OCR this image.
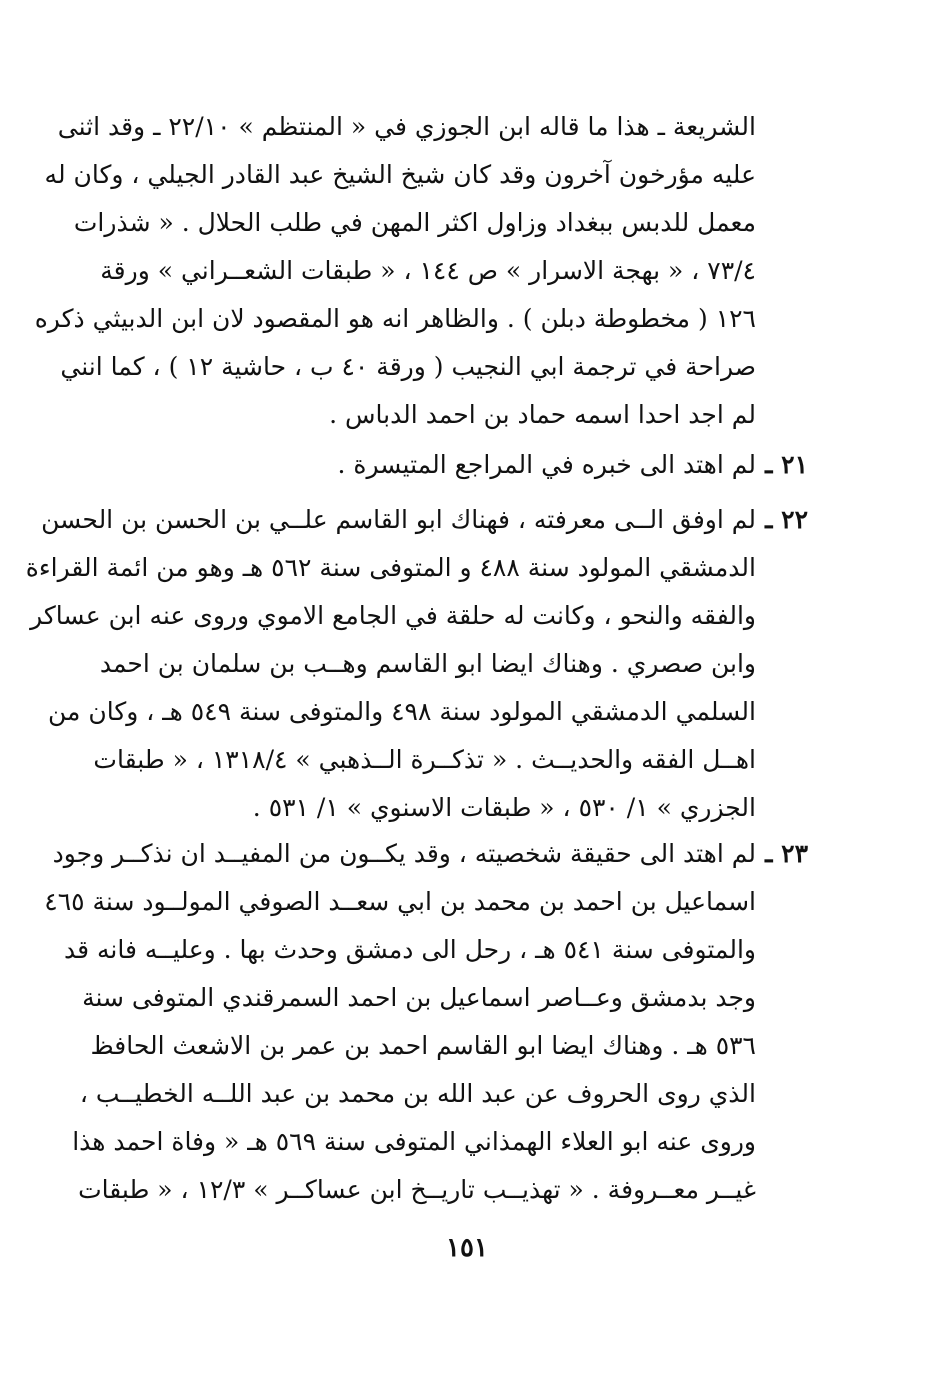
الشريعة ـ هذا ما قاله ابن الجوزي في « المنتظم » ٢٢/١٠ ـ وقد اثنى
عليه مؤرخون آخرون وقد كان شيخ الشيخ عبد القادر الجيلي ، وكان له
معمل للدبس ببغداد وزاول اكثر المهن في طلب الحلال . « شذرات
٧٣/٤ ، « بهجة الاسرار » ص ١٤٤ ، « طبقات الشعــراني » ورقة
١٢٦ ( مخطوطة دبلن ) . والظاهر انه هو المقصود لان ابن الدبيثي ذكره
صراحة في ترجمة ابي النجيب ( ورقة ٤٠ ب ، حاشية ١٢ ) ، كما انني
لم اجد احدا اسمه حماد بن احمد الدباس .
٢١ ـ
لم اهتد الى خبره في المراجع المتيسرة .
٢٢ ـ
لم اوفق الــى معرفته ، فهناك ابو القاسم علــي بن الحسن بن الحسن
الدمشقي المولود سنة ٤٨٨ و المتوفى سنة ٥٦٢ هـ وهو من ائمة القراءة
والفقه والنحو ، وكانت له حلقة في الجامع الاموي وروى عنه ابن عساكر
وابن صصري . وهناك ايضا ابو القاسم وهــب بن سلمان بن احمد
السلمي الدمشقي المولود سنة ٤٩٨ والمتوفى سنة ٥٤٩ هـ ، وكان من
اهــل الفقه والحديــث . « تذكــرة الــذهبي » ١٣١٨/٤ ، « طبقات
الجزري » ١/ ٥٣٠ ، « طبقات الاسنوي » ١/ ٥٣١ .
٢٣ ـ
لم اهتد الى حقيقة شخصيته ، وقد يكــون من المفيــد ان نذكــر وجود
اسماعيل بن احمد بن محمد بن ابي سعــد الصوفي المولــود سنة ٤٦٥
والمتوفى سنة ٥٤١ هـ ، رحل الى دمشق وحدث بها . وعليــه فانه قد
وجد بدمشق وعــاصر اسماعيل بن احمد السمرقندي المتوفى سنة
٥٣٦ هـ . وهناك ايضا ابو القاسم احمد بن عمر بن الاشعث الحافظ
الذي روى الحروف عن عبد الله بن محمد بن عبد اللــه الخطيــب ،
وروى عنه ابو العلاء الهمذاني المتوفى سنة ٥٦٩ هـ « وفاة احمد هذا
غيــر معــروفة . « تهذيــب تاريــخ ابن عساكــر » ١٢/٣ ، « طبقات
١٥١
